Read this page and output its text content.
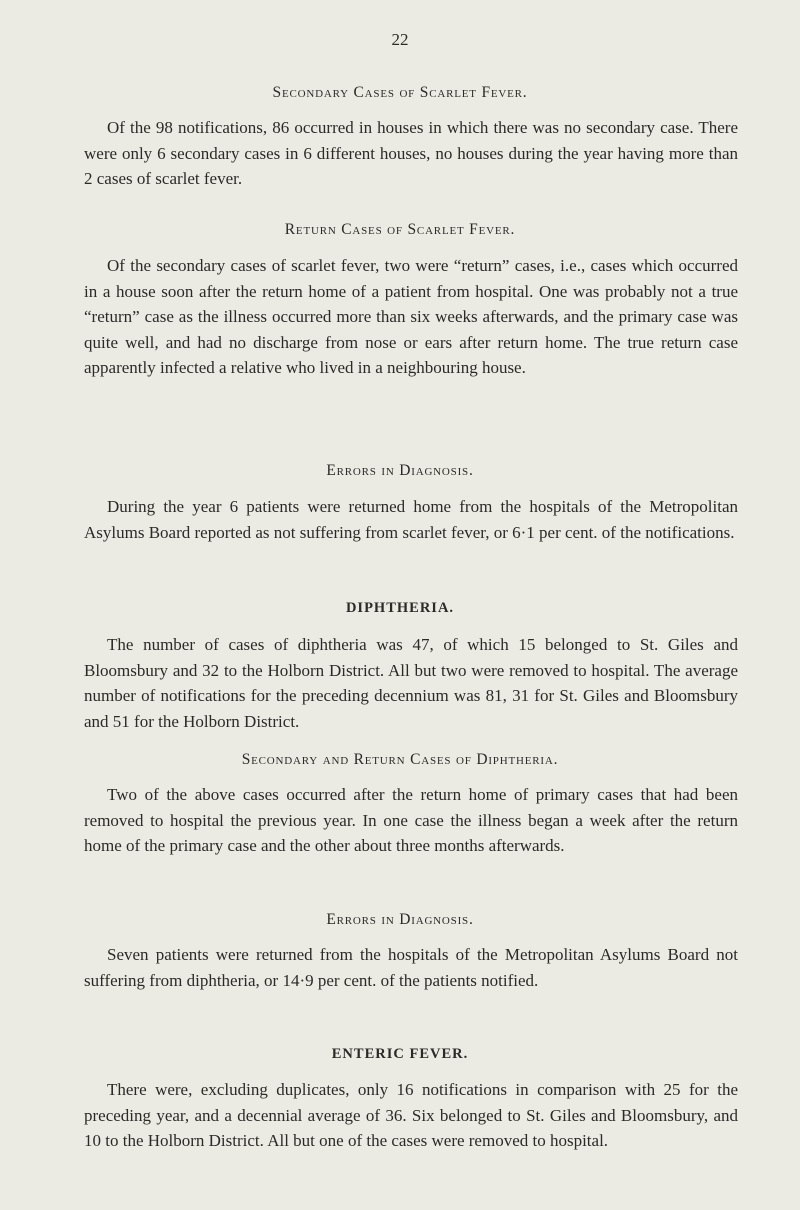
22
Secondary Cases of Scarlet Fever.

Of the 98 notifications, 86 occurred in houses in which there was no secondary case. There were only 6 secondary cases in 6 different houses, no houses during the year having more than 2 cases of scarlet fever.

Return Cases of Scarlet Fever.

Of the secondary cases of scarlet fever, two were “return” cases, i.e., cases which occurred in a house soon after the return home of a patient from hospital. One was probably not a true “return” case as the illness occurred more than six weeks afterwards, and the primary case was quite well, and had no discharge from nose or ears after return home. The true return case apparently infected a relative who lived in a neighbouring house.

Errors in Diagnosis.

During the year 6 patients were returned home from the hospitals of the Metropolitan Asylums Board reported as not suffering from scarlet fever, or 6·1 per cent. of the notifications.

DIPHTHERIA.

The number of cases of diphtheria was 47, of which 15 belonged to St. Giles and Bloomsbury and 32 to the Holborn District. All but two were removed to hospital. The average number of notifications for the preceding decennium was 81, 31 for St. Giles and Bloomsbury and 51 for the Holborn District.

Secondary and Return Cases of Diphtheria.

Two of the above cases occurred after the return home of primary cases that had been removed to hospital the previous year. In one case the illness began a week after the return home of the primary case and the other about three months afterwards.

Errors in Diagnosis.

Seven patients were returned from the hospitals of the Metropolitan Asylums Board not suffering from diphtheria, or 14·9 per cent. of the patients notified.

ENTERIC FEVER.

There were, excluding duplicates, only 16 notifications in comparison with 25 for the preceding year, and a decennial average of 36. Six belonged to St. Giles and Bloomsbury, and 10 to the Holborn District. All but one of the cases were removed to hospital.
